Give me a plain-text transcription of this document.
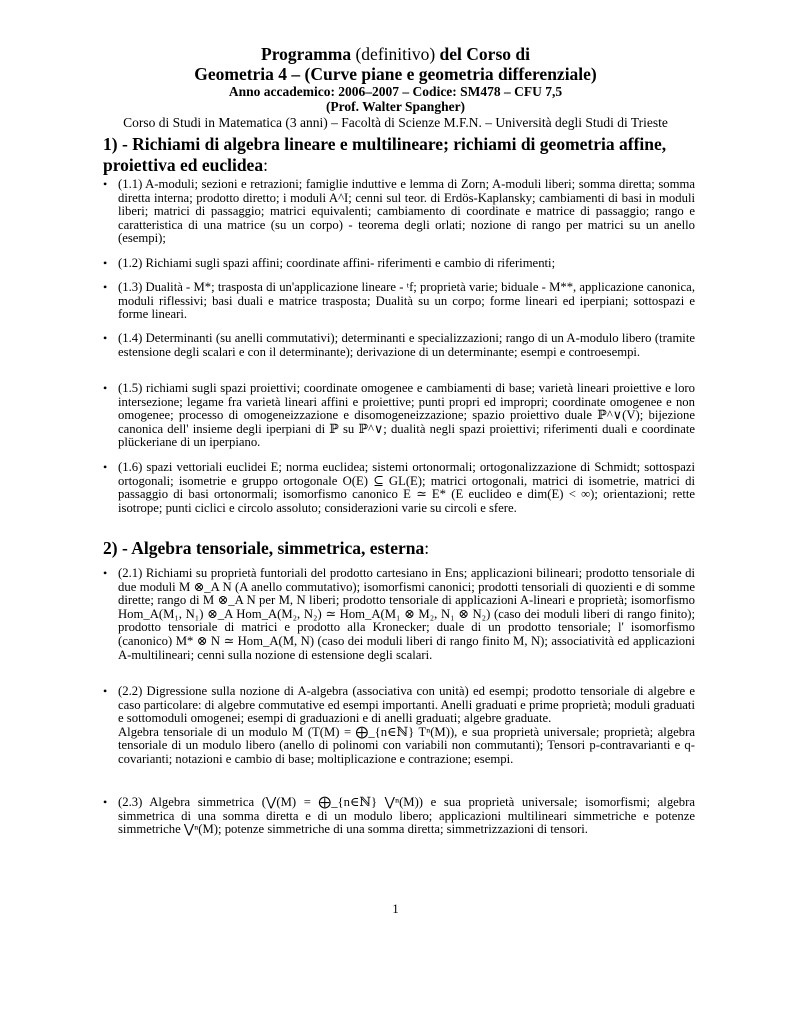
Programma (definitivo) del Corso di
Geometria 4 – (Curve piane e geometria differenziale)
Anno accademico: 2006–2007 – Codice: SM478 – CFU 7,5
(Prof. Walter Spangher)
Corso di Studi in Matematica (3 anni) – Facoltà di Scienze M.F.N. – Università degli Studi di Trieste
1) - Richiami di algebra lineare e multilineare; richiami di geometria affine, proiettiva ed euclidea:
• (1.1) A-moduli; sezioni e retrazioni; famiglie induttive e lemma di Zorn; A-moduli liberi; somma diretta; somma diretta interna; prodotto diretto; i moduli A^I; cenni sul teor. di Erdös-Kaplansky; cambiamenti di basi in moduli liberi; matrici di passaggio; matrici equivalenti; cambiamento di coordinate e matrice di passaggio; rango e caratteristica di una matrice (su un corpo) - teorema degli orlati; nozione di rango per matrici su un anello (esempi);

• (1.2) Richiami sugli spazi affini; coordinate affini- riferimenti e cambio di riferimenti;

• (1.3) Dualità - M*; trasposta di un'applicazione lineare - ᵗf; proprietà varie; biduale - M**, applicazione canonica, moduli riflessivi; basi duali e matrice trasposta; Dualità su un corpo; forme lineari ed iperpiani; sottospazi e forme lineari.

• (1.4) Determinanti (su anelli commutativi); determinanti e specializzazioni; rango di un A-modulo libero (tramite estensione degli scalari e con il determinante); derivazione di un determinante; esempi e controesempi.

• (1.5) richiami sugli spazi proiettivi; coordinate omogenee e cambiamenti di base; varietà lineari proiettive e loro intersezione; legame fra varietà lineari affini e proiettive; punti propri ed impropri; coordinate omogenee e non omogenee; processo di omogeneizzazione e disomogeneizzazione; spazio proiettivo duale ℙ^∨(V); bijezione canonica dell' insieme degli iperpiani di ℙ su ℙ^∨; dualità negli spazi proiettivi; riferimenti duali e coordinate plückeriane di un iperpiano.

• (1.6) spazi vettoriali euclidei E; norma euclidea; sistemi ortonormali; ortogonalizzazione di Schmidt; sottospazi ortogonali; isometrie e gruppo ortogonale O(E) ⊆ GL(E); matrici ortogonali, matrici di isometrie, matrici di passaggio di basi ortonormali; isomorfismo canonico E ≃ E* (E euclideo e dim(E) < ∞); orientazioni; rette isotrope; punti ciclici e circolo assoluto; considerazioni varie su circoli e sfere.

2) - Algebra tensoriale, simmetrica, esterna:
• (2.1) Richiami su proprietà funtoriali del prodotto cartesiano in Ens; applicazioni bilineari; prodotto tensoriale di due moduli M ⊗_A N (A anello commutativo); isomorfismi canonici; prodotti tensoriali di quozienti e di somme dirette; rango di M ⊗_A N per M, N liberi; prodotto tensoriale di applicazioni A-lineari e proprietà; isomorfismo Hom_A(M₁, N₁) ⊗_A Hom_A(M₂, N₂) ≃ Hom_A(M₁ ⊗ M₂, N₁ ⊗ N₂) (caso dei moduli liberi di rango finito); prodotto tensoriale di matrici e prodotto alla Kronecker; duale di un prodotto tensoriale; l' isomorfismo (canonico) M* ⊗ N ≃ Hom_A(M, N) (caso dei moduli liberi di rango finito M, N); associatività ed applicazioni A-multilineari; cenni sulla nozione di estensione degli scalari.

• (2.2) Digressione sulla nozione di A-algebra (associativa con unità) ed esempi; prodotto tensoriale di algebre e caso particolare: di algebre commutative ed esempi importanti. Anelli graduati e prime proprietà; moduli graduati e sottomoduli omogenei; esempi di graduazioni e di anelli graduati; algebre graduate.

Algebra tensoriale di un modulo M (T(M) = ⨁_{n∈ℕ} Tⁿ(M)), e sua proprietà universale; proprietà; algebra tensoriale di un modulo libero (anello di polinomi con variabili non commutanti); Tensori p-contravarianti e q-covarianti; notazioni e cambio di base; moltiplicazione e contrazione; esempi.

• (2.3) Algebra simmetrica (⋁(M) = ⨁_{n∈ℕ} ⋁ⁿ(M)) e sua proprietà universale; isomorfismi; algebra simmetrica di una somma diretta e di un modulo libero; applicazioni multilineari simmetriche e potenze simmetriche ⋁ⁿ(M); potenze simmetriche di una somma diretta; simmetrizzazioni di tensori.

1
